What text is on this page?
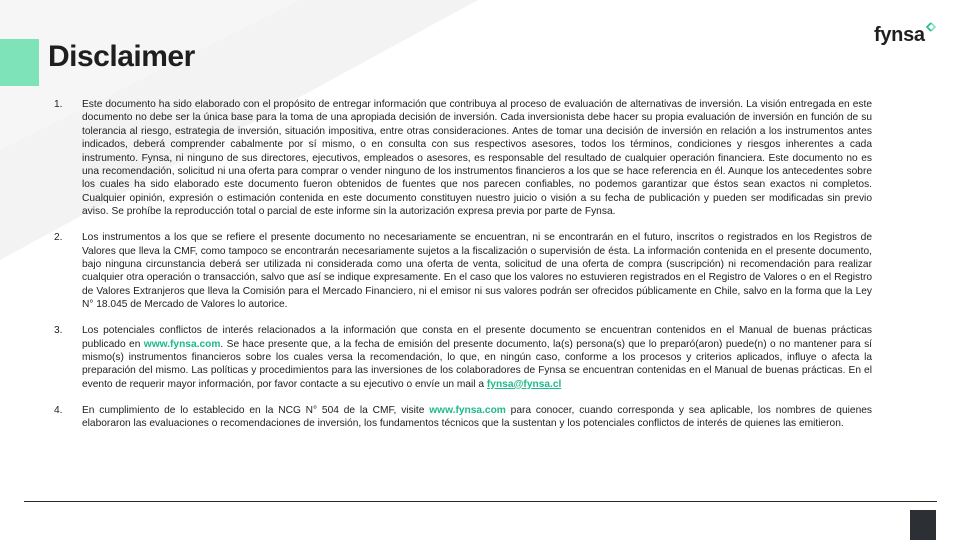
Disclaimer
fynsa
1.	Este documento ha sido elaborado con el propósito de entregar información que contribuya al proceso de evaluación de alternativas de inversión. La visión entregada en este documento no debe ser la única base para la toma de una apropiada decisión de inversión. Cada inversionista debe hacer su propia evaluación de inversión en función de su tolerancia al riesgo, estrategia de inversión, situación impositiva, entre otras consideraciones. Antes de tomar una decisión de inversión en relación a los instrumentos antes indicados, deberá comprender cabalmente por sí mismo, o en consulta con sus respectivos asesores, todos los términos, condiciones y riesgos inherentes a cada instrumento. Fynsa, ni ninguno de sus directores, ejecutivos, empleados o asesores, es responsable del resultado de cualquier operación financiera. Este documento no es una recomendación, solicitud ni una oferta para comprar o vender ninguno de los instrumentos financieros a los que se hace referencia en él. Aunque los antecedentes sobre los cuales ha sido elaborado este documento fueron obtenidos de fuentes que nos parecen confiables, no podemos garantizar que éstos sean exactos ni completos. Cualquier opinión, expresión o estimación contenida en este documento constituyen nuestro juicio o visión a su fecha de publicación y pueden ser modificadas sin previo aviso. Se prohíbe la reproducción total o parcial de este informe sin la autorización expresa previa por parte de Fynsa.
2.	Los instrumentos a los que se refiere el presente documento no necesariamente se encuentran, ni se encontrarán en el futuro, inscritos o registrados en los Registros de Valores que lleva la CMF, como tampoco se encontrarán necesariamente sujetos a la fiscalización o supervisión de ésta. La información contenida en el presente documento, bajo ninguna circunstancia deberá ser utilizada ni considerada como una oferta de venta, solicitud de una oferta de compra (suscripción) ni recomendación para realizar cualquier otra operación o transacción, salvo que así se indique expresamente. En el caso que los valores no estuvieren registrados en el Registro de Valores o en el Registro de Valores Extranjeros que lleva la Comisión para el Mercado Financiero, ni el emisor ni sus valores podrán ser ofrecidos públicamente en Chile, salvo en la forma que la Ley N° 18.045 de Mercado de Valores lo autorice.
3.	Los potenciales conflictos de interés relacionados a la información que consta en el presente documento se encuentran contenidos en el Manual de buenas prácticas publicado en www.fynsa.com. Se hace presente que, a la fecha de emisión del presente documento, la(s) persona(s) que lo preparó(aron) puede(n) o no mantener para sí mismo(s) instrumentos financieros sobre los cuales versa la recomendación, lo que, en ningún caso, conforme a los procesos y criterios aplicados, influye o afecta la preparación del mismo. Las políticas y procedimientos para las inversiones de los colaboradores de Fynsa se encuentran contenidas en el Manual de buenas prácticas. En el evento de requerir mayor información, por favor contacte a su ejecutivo o envíe un mail a fynsa@fynsa.cl
4.	En cumplimiento de lo establecido en la NCG N° 504 de la CMF, visite www.fynsa.com para conocer, cuando corresponda y sea aplicable, los nombres de quienes elaboraron las evaluaciones o recomendaciones de inversión, los fundamentos técnicos que la sustentan y los potenciales conflictos de interés de quienes las emitieron.
